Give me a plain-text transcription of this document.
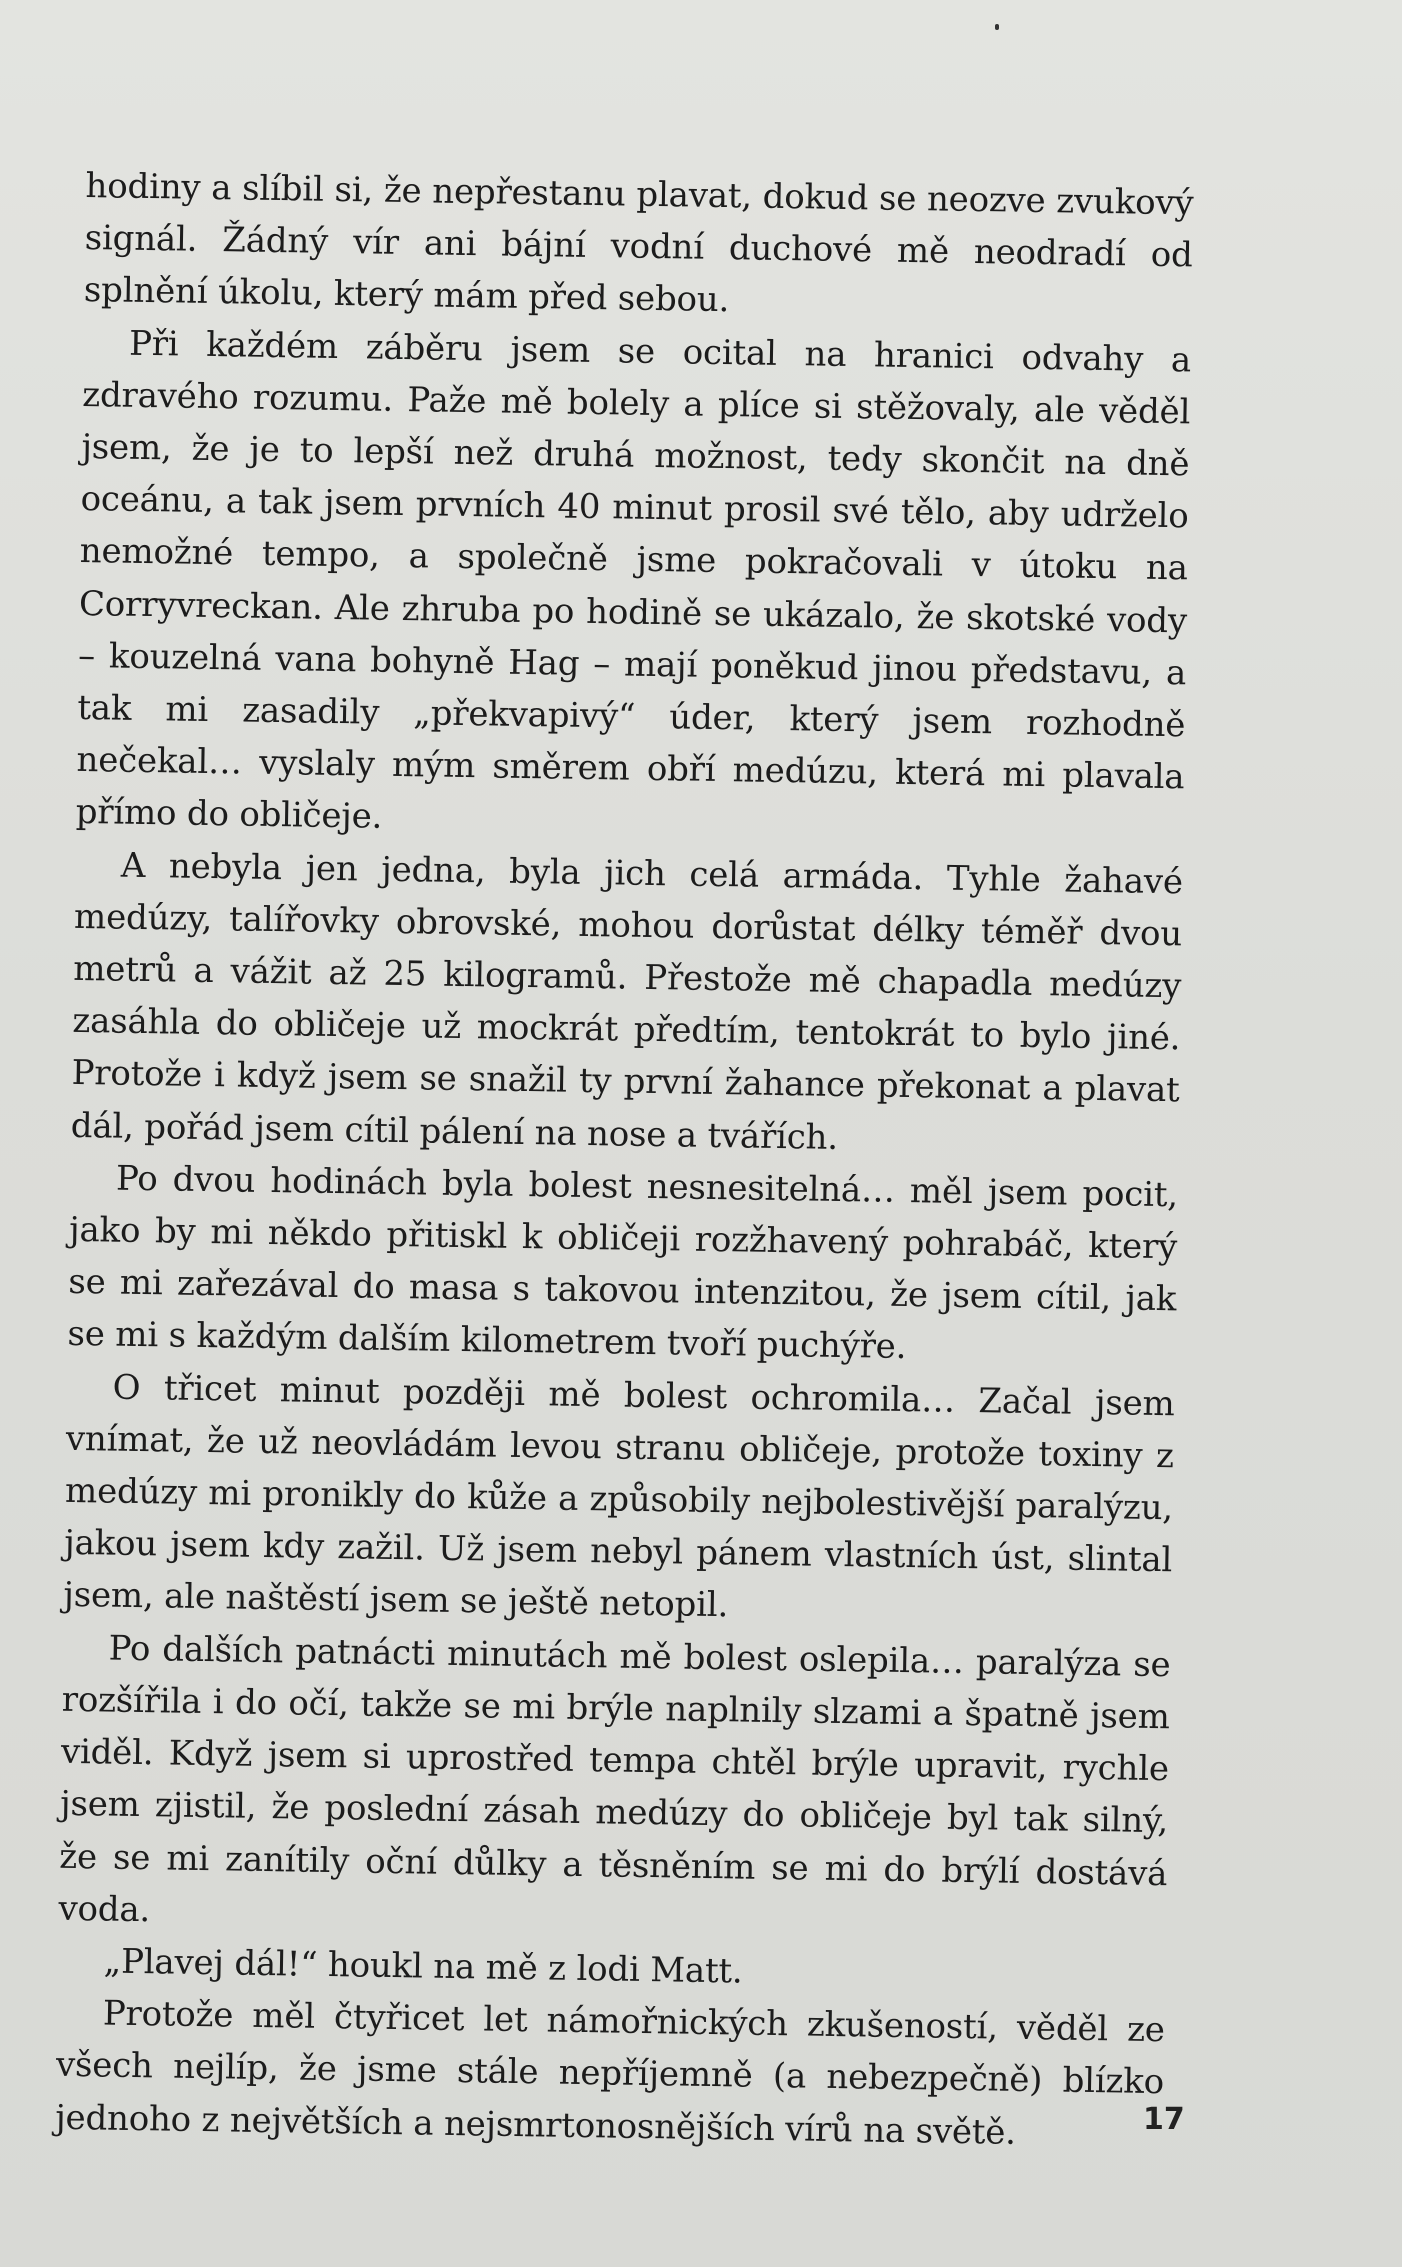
hodiny a slíbil si, že nepřestanu plavat, dokud se neozve zvukový signál. Žádný vír ani bájní vodní duchové mě neodradí od splnění úkolu, který mám před sebou.

Při každém záběru jsem se ocital na hranici odvahy a zdravého rozumu. Paže mě bolely a plíce si stěžovaly, ale věděl jsem, že je to lepší než druhá možnost, tedy skončit na dně oceánu, a tak jsem prvních 40 minut prosil své tělo, aby udrželo nemožné tempo, a společně jsme pokračovali v útoku na Corryvreckan. Ale zhruba po hodině se ukázalo, že skotské vody – kouzelná vana bohyně Hag – mají poněkud jinou představu, a tak mi zasadily „překvapivý“ úder, který jsem rozhodně nečekal… vyslaly mým směrem obří medúzu, která mi plavala přímo do obličeje.

A nebyla jen jedna, byla jich celá armáda. Tyhle žahavé medúzy, talířovky obrovské, mohou dorůstat délky téměř dvou metrů a vážit až 25 kilogramů. Přestože mě chapadla medúzy zasáhla do obličeje už mockrát předtím, tentokrát to bylo jiné. Protože i když jsem se snažil ty první žahance překonat a plavat dál, pořád jsem cítil pálení na nose a tvářích.

Po dvou hodinách byla bolest nesnesitelná… měl jsem pocit, jako by mi někdo přitiskl k obličeji rozžhavený pohrabáč, který se mi zařezával do masa s takovou intenzitou, že jsem cítil, jak se mi s každým dalším kilometrem tvoří puchýře.

O třicet minut později mě bolest ochromila… Začal jsem vnímat, že už neovládám levou stranu obličeje, protože toxiny z medúzy mi pronikly do kůže a způsobily nejbolestivější paralýzu, jakou jsem kdy zažil. Už jsem nebyl pánem vlastních úst, slintal jsem, ale naštěstí jsem se ještě netopil.

Po dalších patnácti minutách mě bolest oslepila… paralýza se rozšířila i do očí, takže se mi brýle naplnily slzami a špatně jsem viděl. Když jsem si uprostřed tempa chtěl brýle upravit, rychle jsem zjistil, že poslední zásah medúzy do obličeje byl tak silný, že se mi zanítily oční důlky a těsněním se mi do brýlí dostává voda.

„Plavej dál!“ houkl na mě z lodi Matt.

Protože měl čtyřicet let námořnických zkušeností, věděl ze všech nejlíp, že jsme stále nepříjemně (a nebezpečně) blízko jednoho z největších a nejsmrtonosnějších vírů na světě.	17
